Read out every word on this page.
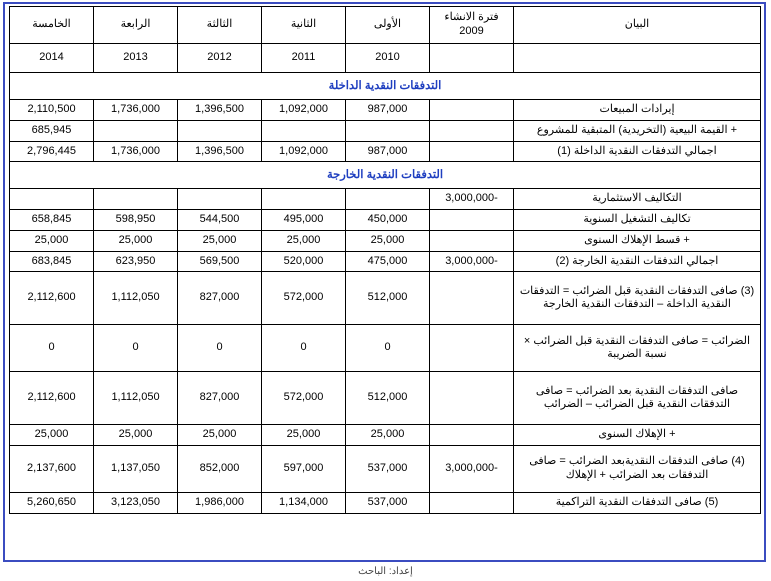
البيان	فترة الانشاء 2009	الأولى	الثانية	الثالثة	الرابعة	الخامسة
		2010	2011	2012	2013	2014
التدفقات النقدية الداخلة						
إيرادات المبيعات		987,000	1,092,000	1,396,500	1,736,000	2,110,500
+ القيمة البيعية (التخريدية) المتبقية للمشروع						685,945
اجمالي التدفقات النقدية الداخلة (1)		987,000	1,092,000	1,396,500	1,736,000	2,796,445
التدفقات النقدية الخارجة						
التكاليف الاستثمارية	-3,000,000					
تكاليف التشغيل السنوية		450,000	495,000	544,500	598,950	658,845
+ قسط الإهلاك السنوى		25,000	25,000	25,000	25,000	25,000
اجمالي التدفقات النقدية الخارجة (2)	-3,000,000	475,000	520,000	569,500	623,950	683,845
(3) صافى التدفقات النقدية قبل الضرائب = التدفقات النقدية الداخلة – التدفقات النقدية الخارجة		512,000	572,000	827,000	1,112,050	2,112,600
الضرائب = صافى التدفقات النقدية قبل الضرائب × نسبة الضريبة		0	0	0	0	0
صافى التدفقات النقدية بعد الضرائب = صافى التدفقات النقدية قبل الضرائب – الضرائب		512,000	572,000	827,000	1,112,050	2,112,600
+ الإهلاك السنوى		25,000	25,000	25,000	25,000	25,000
(4) صافى التدفقات النقديةبعد الضرائب = صافى التدفقات بعد الضرائب + الإهلاك	-3,000,000	537,000	597,000	852,000	1,137,050	2,137,600
(5) صافى التدفقات النقدية التراكمية		537,000	1,134,000	1,986,000	3,123,050	5,260,650
إعداد: الباحث
